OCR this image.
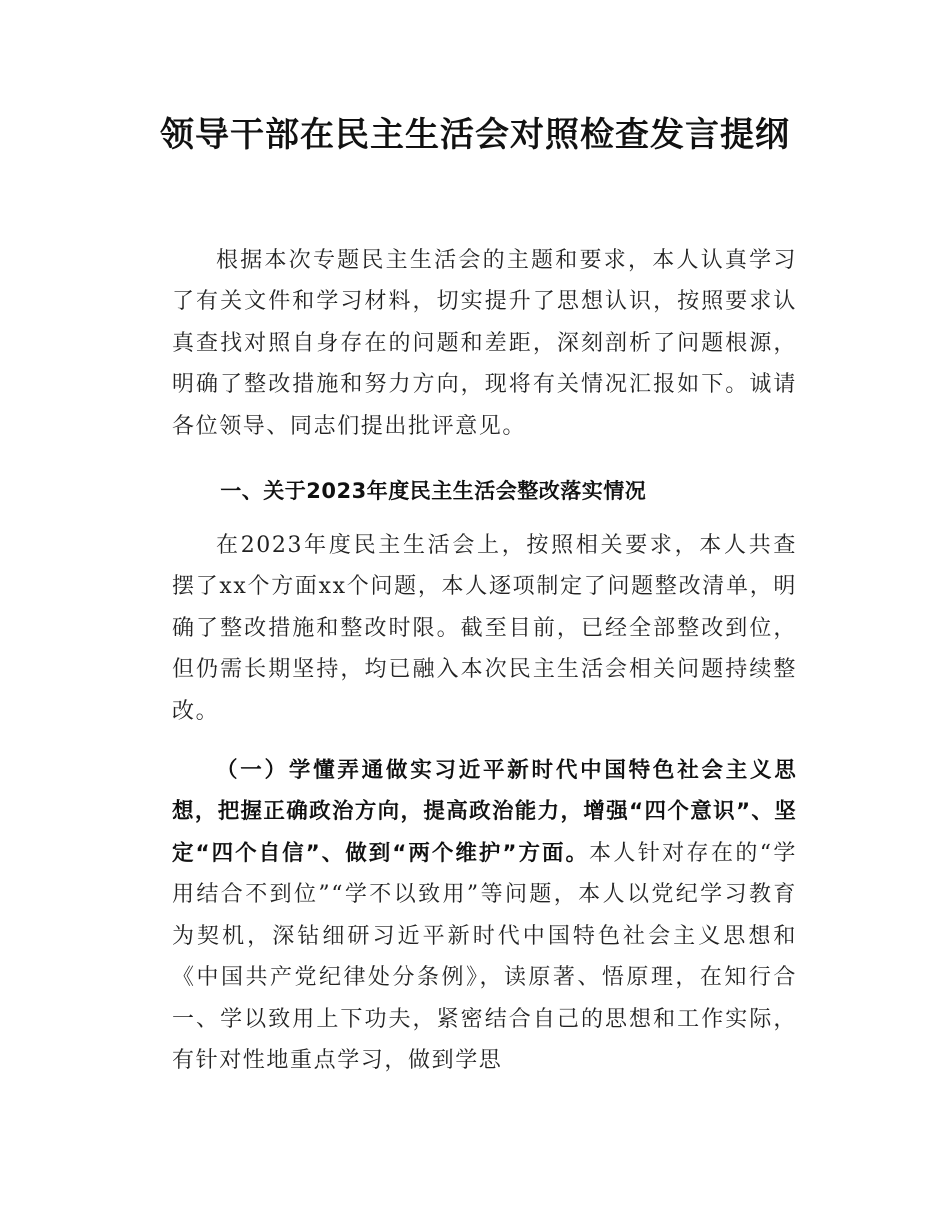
领导干部在民主生活会对照检查发言提纲

根据本次专题民主生活会的主题和要求，本人认真学习了有关文件和学习材料，切实提升了思想认识，按照要求认真查找对照自身存在的问题和差距，深刻剖析了问题根源，明确了整改措施和努力方向，现将有关情况汇报如下。诚请各位领导、同志们提出批评意见。

一、关于2023年度民主生活会整改落实情况

在2023年度民主生活会上，按照相关要求，本人共查摆了xx个方面xx个问题，本人逐项制定了问题整改清单，明确了整改措施和整改时限。截至目前，已经全部整改到位，但仍需长期坚持，均已融入本次民主生活会相关问题持续整改。

（一）学懂弄通做实习近平新时代中国特色社会主义思想，把握正确政治方向，提高政治能力，增强“四个意识”、坚定“四个自信”、做到“两个维护”方面。本人针对存在的“学用结合不到位”“学不以致用”等问题，本人以党纪学习教育为契机，深钻细研习近平新时代中国特色社会主义思想和《中国共产党纪律处分条例》，读原著、悟原理，在知行合一、学以致用上下功夫，紧密结合自己的思想和工作实际，有针对性地重点学习，做到学思
